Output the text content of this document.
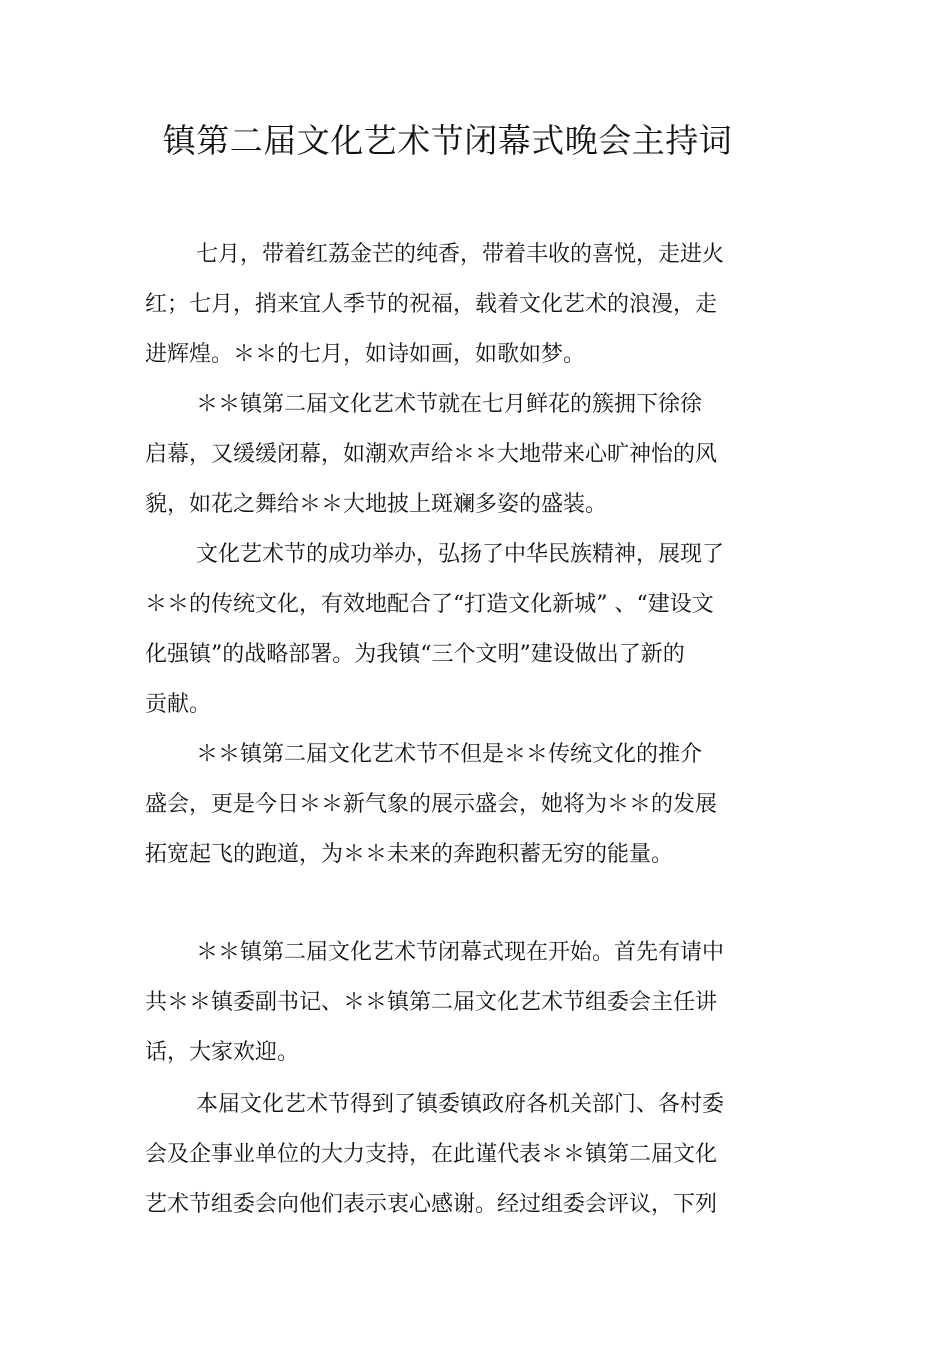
镇第二届文化艺术节闭幕式晚会主持词
七月，带着红荔金芒的纯香，带着丰收的喜悦，走进火
红；七月，捎来宜人季节的祝福，载着文化艺术的浪漫，走
进辉煌。＊＊的七月，如诗如画，如歌如梦。
＊＊镇第二届文化艺术节就在七月鲜花的簇拥下徐徐
启幕，又缓缓闭幕，如潮欢声给＊＊大地带来心旷神怡的风
貌，如花之舞给＊＊大地披上斑斓多姿的盛装。
文化艺术节的成功举办，弘扬了中华民族精神，展现了
＊＊的传统文化，有效地配合了“打造文化新城” 、“建设文
化强镇”的战略部署。为我镇“三个文明”建设做出了新的
贡献。
＊＊镇第二届文化艺术节不但是＊＊传统文化的推介
盛会，更是今日＊＊新气象的展示盛会，她将为＊＊的发展
拓宽起飞的跑道，为＊＊未来的奔跑积蓄无穷的能量。
＊＊镇第二届文化艺术节闭幕式现在开始。首先有请中
共＊＊镇委副书记、＊＊镇第二届文化艺术节组委会主任讲
话，大家欢迎。
本届文化艺术节得到了镇委镇政府各机关部门、各村委
会及企事业单位的大力支持，在此谨代表＊＊镇第二届文化
艺术节组委会向他们表示衷心感谢。经过组委会评议，下列
